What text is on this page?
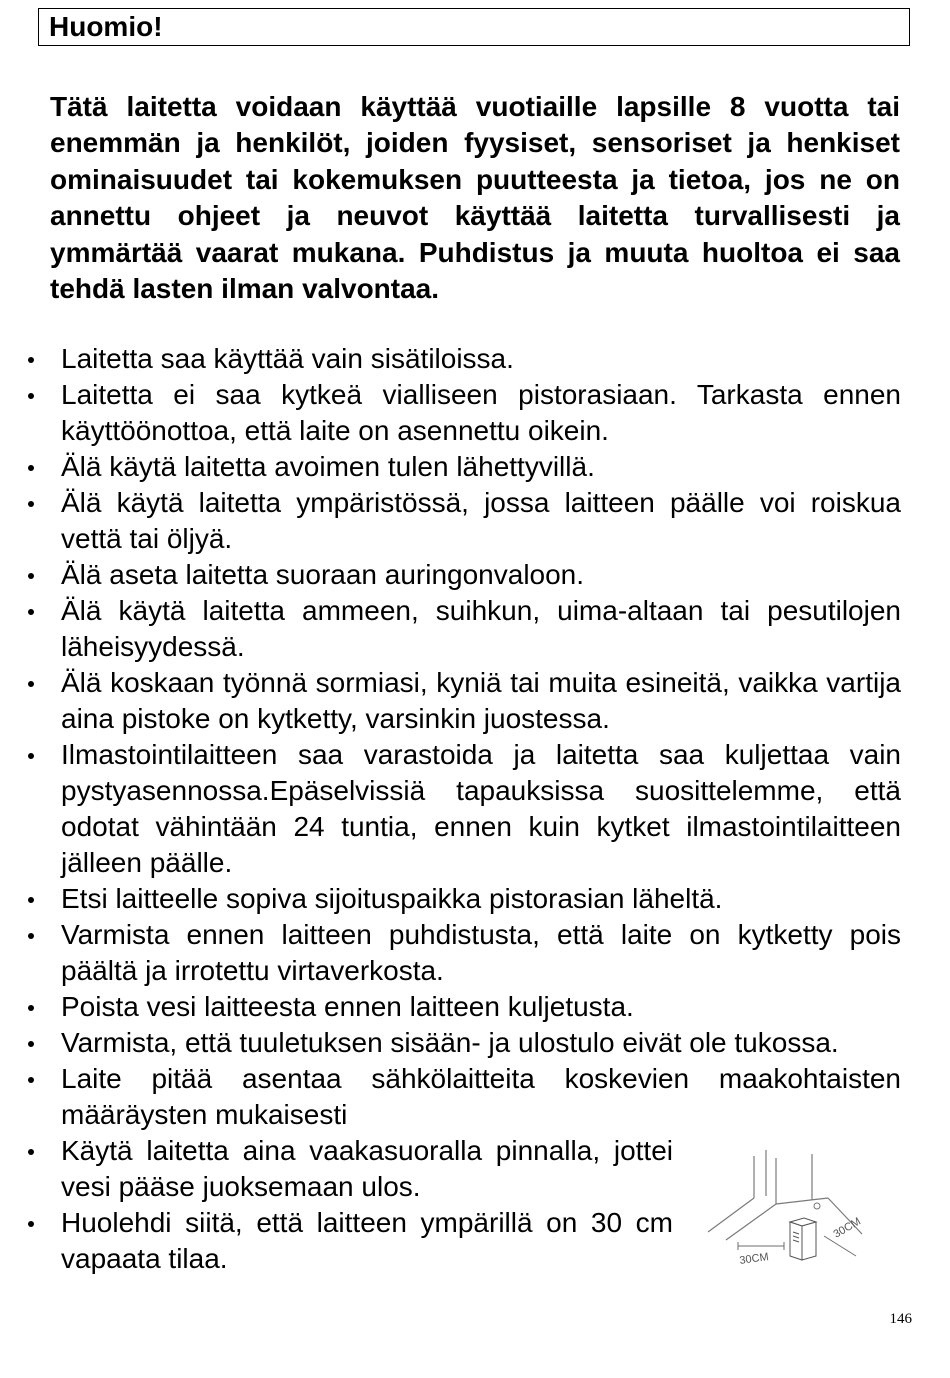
Huomio!

Tätä laitetta voidaan käyttää vuotiaille lapsille 8 vuotta tai enemmän ja henkilöt, joiden fyysiset, sensoriset ja henkiset ominaisuudet tai kokemuksen puutteesta ja tietoa, jos ne on annettu ohjeet ja neuvot käyttää laitetta turvallisesti ja ymmärtää vaarat mukana. Puhdistus ja muuta huoltoa ei saa tehdä lasten ilman valvontaa.

Laitetta saa käyttää vain sisätiloissa.
Laitetta ei saa kytkeä vialliseen pistorasiaan. Tarkasta ennen käyttöönottoa, että laite on asennettu oikein.
Älä käytä laitetta avoimen tulen lähettyvillä.
Älä käytä laitetta ympäristössä, jossa laitteen päälle voi roiskua vettä tai öljyä.
Älä aseta laitetta suoraan auringonvaloon.
Älä käytä laitetta ammeen, suihkun, uima-altaan tai pesutilojen läheisyydessä.
Älä koskaan työnnä sormiasi, kyniä tai muita esineitä, vaikka vartija aina pistoke on kytketty, varsinkin juostessa.
Ilmastointilaitteen saa varastoida ja laitetta saa kuljettaa vain pystyasennossa.Epäselvissiä tapauksissa suosittelemme, että odotat vähintään 24 tuntia, ennen kuin kytket ilmastointilaitteen jälleen päälle.
Etsi laitteelle sopiva sijoituspaikka pistorasian läheltä.
Varmista ennen laitteen puhdistusta, että laite on kytketty pois päältä ja irrotettu virtaverkosta.
Poista vesi laitteesta ennen laitteen kuljetusta.
Varmista, että tuuletuksen sisään- ja ulostulo eivät ole tukossa.
Laite pitää asentaa sähkölaitteita koskevien maakohtaisten määräysten mukaisesti
Käytä laitetta aina vaakasuoralla pinnalla, jottei vesi pääse juoksemaan ulos.
Huolehdi siitä, että laitteen ympärillä on 30 cm vapaata tilaa.	30CM
30CM
146
